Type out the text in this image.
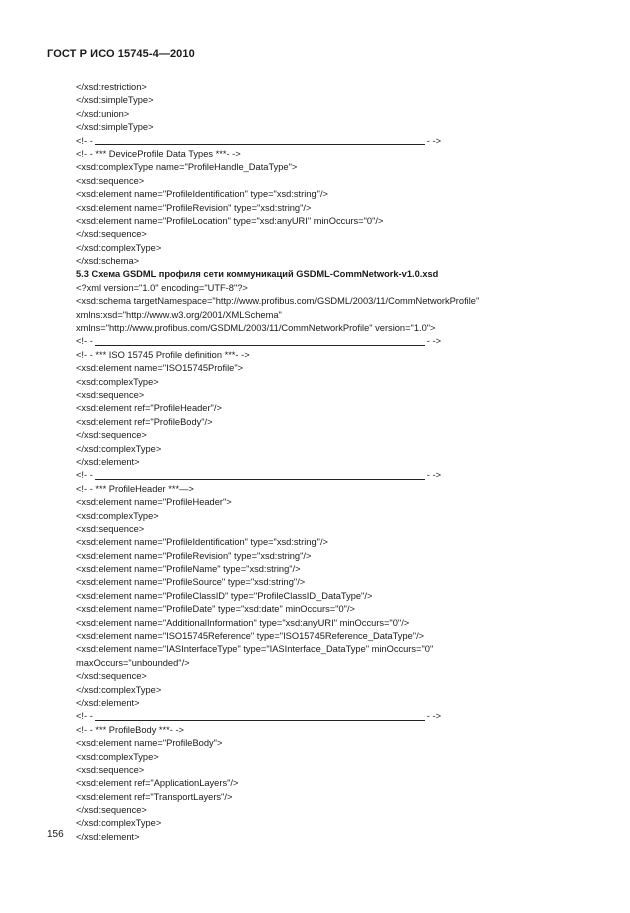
ГОСТ Р ИСО 15745-4—2010
</xsd:restriction>
</xsd:simpleType>
</xsd:union>
</xsd:simpleType>
<!- -	- ->
<!- - *** DeviceProfile Data Types ***- ->
<xsd:complexType name="ProfileHandle_DataType">
<xsd:sequence>
<xsd:element name="ProfileIdentification" type="xsd:string"/>
<xsd:element name="ProfileRevision" type="xsd:string"/>
<xsd:element name="ProfileLocation" type="xsd:anyURI" minOccurs="0"/>
</xsd:sequence>
</xsd:complexType>
</xsd:schema>
5.3 Схема GSDML профиля сети коммуникаций GSDML-CommNetwork-v1.0.xsd
<?xml version="1.0" encoding="UTF-8"?>
<xsd:schema targetNamespace="http://www.profibus.com/GSDML/2003/11/CommNetworkProfile"
xmlns:xsd="http://www.w3.org/2001/XMLSchema"
xmlns="http://www.profibus.com/GSDML/2003/11/CommNetworkProfile" version="1.0">
<!- -	- ->
<!- - *** ISO 15745 Profile definition ***- ->
<xsd:element name="ISO15745Profile">
<xsd:complexType>
<xsd:sequence>
<xsd:element ref="ProfileHeader"/>
<xsd:element ref="ProfileBody"/>
</xsd:sequence>
</xsd:complexType>
</xsd:element>
<!- -	- ->
<!- - *** ProfileHeader ***—>
<xsd:element name="ProfileHeader">
<xsd:complexType>
<xsd:sequence>
<xsd:element name="ProfileIdentification" type="xsd:string"/>
<xsd:element name="ProfileRevision" type="xsd:string"/>
<xsd:element name="ProfileName" type="xsd:string"/>
<xsd:element name="ProfileSource" type="xsd:string"/>
<xsd:element name="ProfileClassID" type="ProfileClassID_DataType"/>
<xsd:element name="ProfileDate" type="xsd:date" minOccurs="0"/>
<xsd:element name="AdditionalInformation" type="xsd:anyURI" minOccurs="0"/>
<xsd:element name="ISO15745Reference" type="ISO15745Reference_DataType"/>
<xsd:element name="IASInterfaceType" type="IASInterface_DataType" minOccurs="0"
maxOccurs="unbounded"/>
</xsd:sequence>
</xsd:complexType>
</xsd:element>
<!- -	- ->
<!- - *** ProfileBody ***- ->
<xsd:element name="ProfileBody">
<xsd:complexType>
<xsd:sequence>
<xsd:element ref="ApplicationLayers"/>
<xsd:element ref="TransportLayers"/>
</xsd:sequence>
</xsd:complexType>
</xsd:element>
156
